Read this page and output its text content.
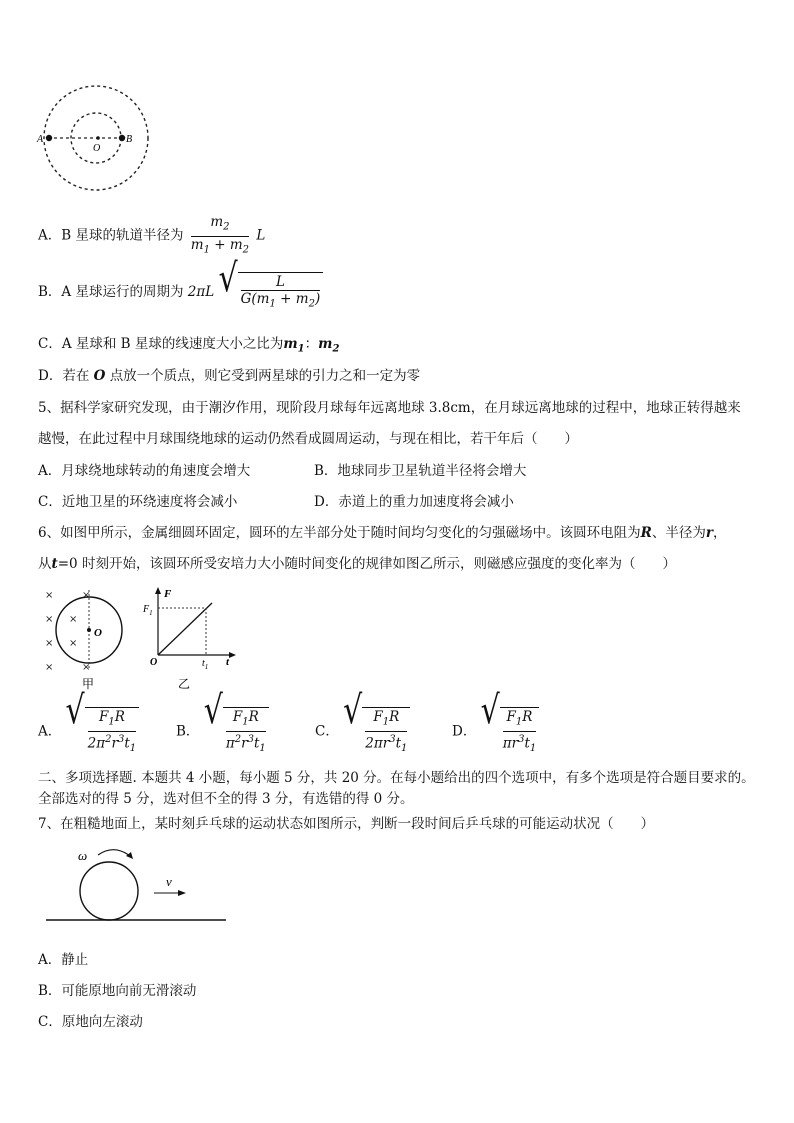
A
O
B
A．B 星球的轨道半径为 $\frac{m_2}{m_1 + m_2}$ L
B．A 星球运行的周期为 2πL √ $\frac{L}{G(m_1 + m_2)}$
C．A 星球和 B 星球的线速度大小之比为$m_1$：$m_2$
D．若在 O 点放一个质点，则它受到两星球的引力之和一定为零
5、据科学家研究发现，由于潮汐作用，现阶段月球每年远离地球 3.8cm，在月球远离地球的过程中，地球正转得越来
越慢，在此过程中月球围绕地球的运动仍然看成圆周运动，与现在相比，若干年后（　　）
A．月球绕地球转动的角速度会增大	B．地球同步卫星轨道半径将会增大
C．近地卫星的环绕速度将会减小	D．赤道上的重力加速度将会减小
6、如图甲所示，金属细圆环固定，圆环的左半部分处于随时间均匀变化的匀强磁场中。该圆环电阻为R、半径为r，
从t=0 时刻开始，该圆环所受安培力大小随时间变化的规律如图乙所示，则磁感应强度的变化率为（　　）
×
×
×
×
×
×
×
×
O
甲
F
$F_1$
O	$t_1$ t
乙
A． √ $\frac{F_1R}{2\pi^2r^3t_1}$	B． √ $\frac{F_1R}{\pi^2r^3t_1}$	C． √ $\frac{F_1R}{2\pi r^3t_1}$	D． √ $\frac{F_1R}{\pi r^3t_1}$
二、多项选择题. 本题共 4 小题，每小题 5 分，共 20 分。在每小题给出的四个选项中，有多个选项是符合题目要求的。
全部选对的得 5 分，选对但不全的得 3 分，有选错的得 0 分。
7、在粗糙地面上，某时刻乒乓球的运动状态如图所示，判断一段时间后乒乓球的可能运动状况（　　）
ω
v
A．静止
B．可能原地向前无滑滚动
C．原地向左滚动
